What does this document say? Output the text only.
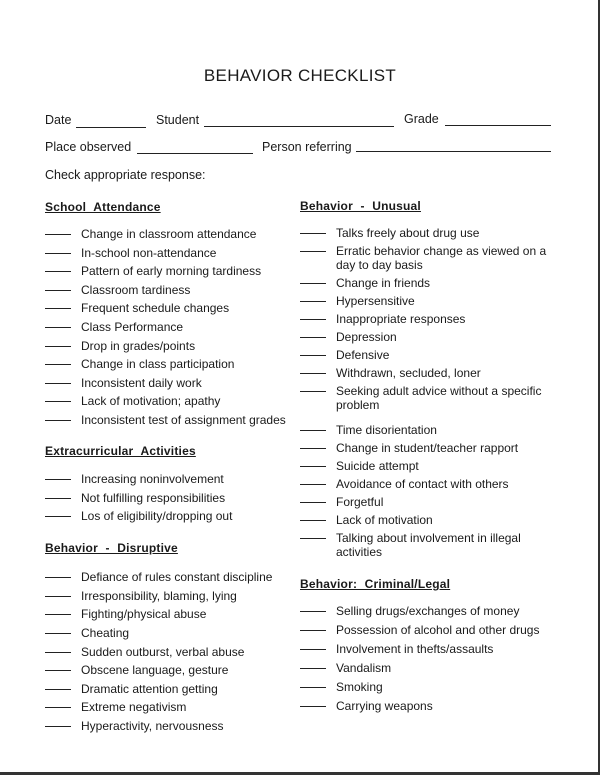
BEHAVIOR CHECKLIST
Date	Student	Grade
Place observed	Person referring
Check appropriate response:
School Attendance
Change in classroom attendance
In-school non-attendance
Pattern of early morning tardiness
Classroom tardiness
Frequent schedule changes
Class Performance
Drop in grades/points
Change in class participation
Inconsistent daily work
Lack of motivation; apathy
Inconsistent test of assignment grades
Extracurricular Activities
Increasing noninvolvement
Not fulfilling responsibilities
Los of eligibility/dropping out
Behavior - Disruptive
Defiance of rules constant discipline
Irresponsibility, blaming, lying
Fighting/physical abuse
Cheating
Sudden outburst, verbal abuse
Obscene language, gesture
Dramatic attention getting
Extreme negativism
Hyperactivity, nervousness
Behavior - Unusual
Talks freely about drug use
Erratic behavior change as viewed on a day to day basis
Change in friends
Hypersensitive
Inappropriate responses
Depression
Defensive
Withdrawn, secluded, loner
Seeking adult advice without a specific problem
Time disorientation
Change in student/teacher rapport
Suicide attempt
Avoidance of contact with others
Forgetful
Lack of motivation
Talking about involvement in illegal activities
Behavior: Criminal/Legal
Selling drugs/exchanges of money
Possession of alcohol and other drugs
Involvement in thefts/assaults
Vandalism
Smoking
Carrying weapons
